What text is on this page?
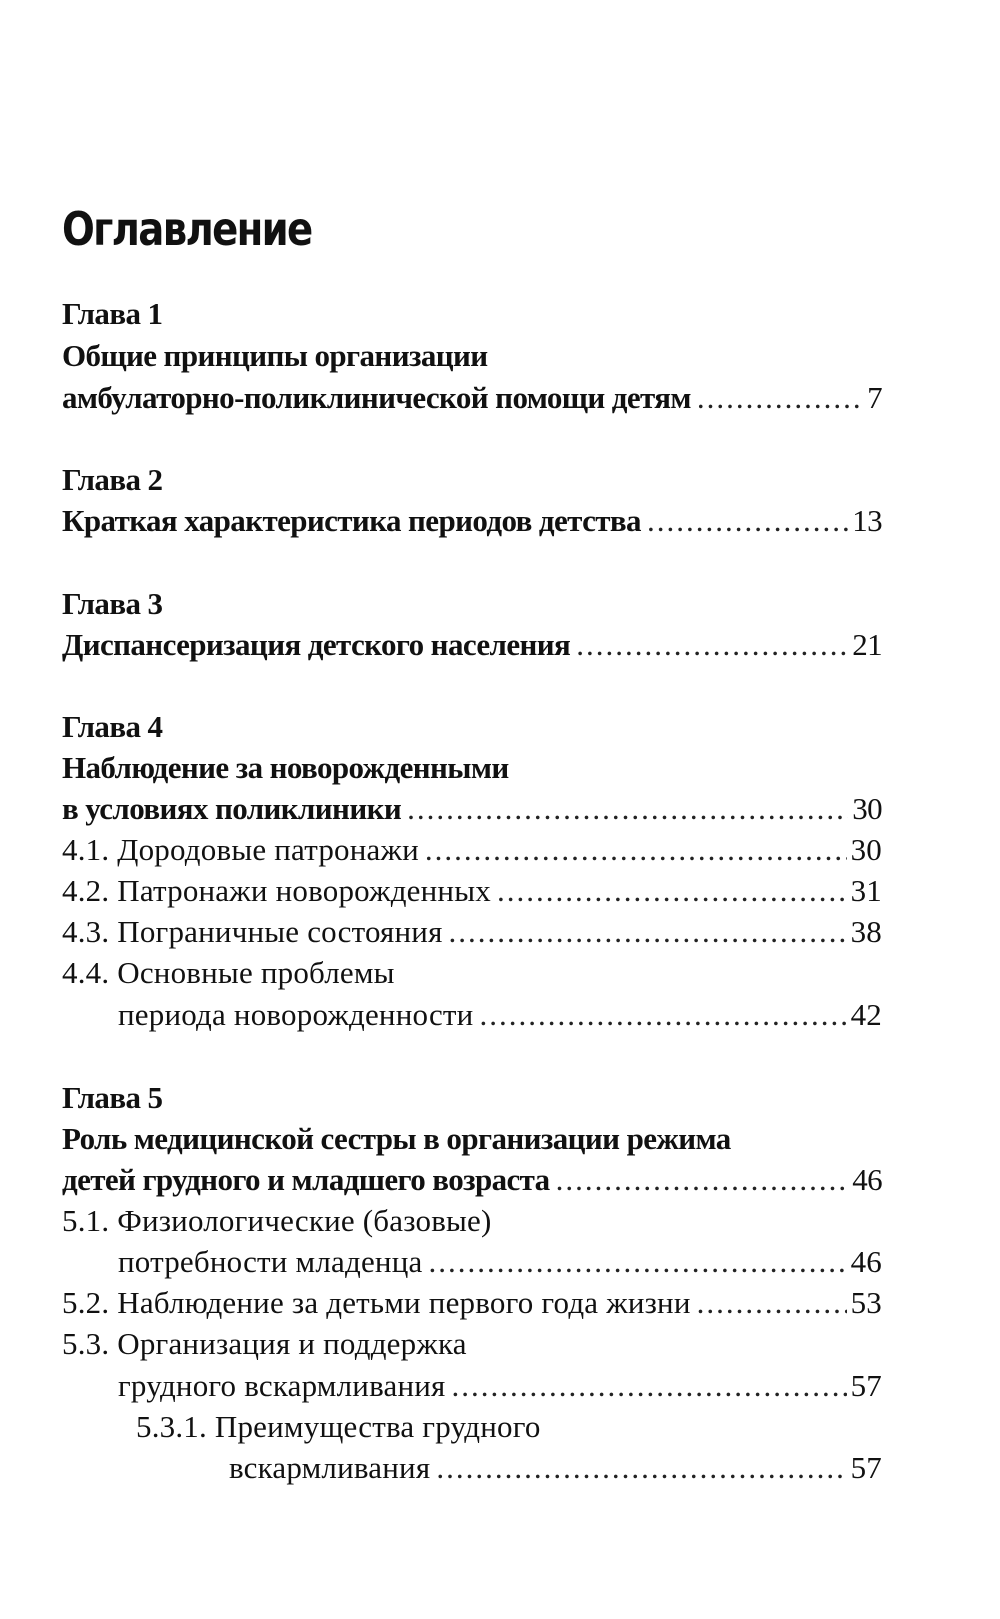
Оглавление
Глава 1
Общие принципы организации
амбулаторно-поликлинической помощи детям .....	7
Глава 2
Краткая характеристика периодов детства .....	13
Глава 3
Диспансеризация детского населения .....	21
Глава 4
Наблюдение за новорожденными
в условиях поликлиники .....	30
4.1. Дородовые патронажи .....	30
4.2. Патронажи новорожденных .....	31
4.3. Пограничные состояния .....	38
4.4. Основные проблемы
периода новорожденности .....	42
Глава 5
Роль медицинской сестры в организации режима
детей грудного и младшего возраста .....	46
5.1. Физиологические (базовые)
потребности младенца .....	46
5.2. Наблюдение за детьми первого года жизни .....	53
5.3. Организация и поддержка
грудного вскармливания .....	57
5.3.1. Преимущества грудного
вскармливания .....	57
